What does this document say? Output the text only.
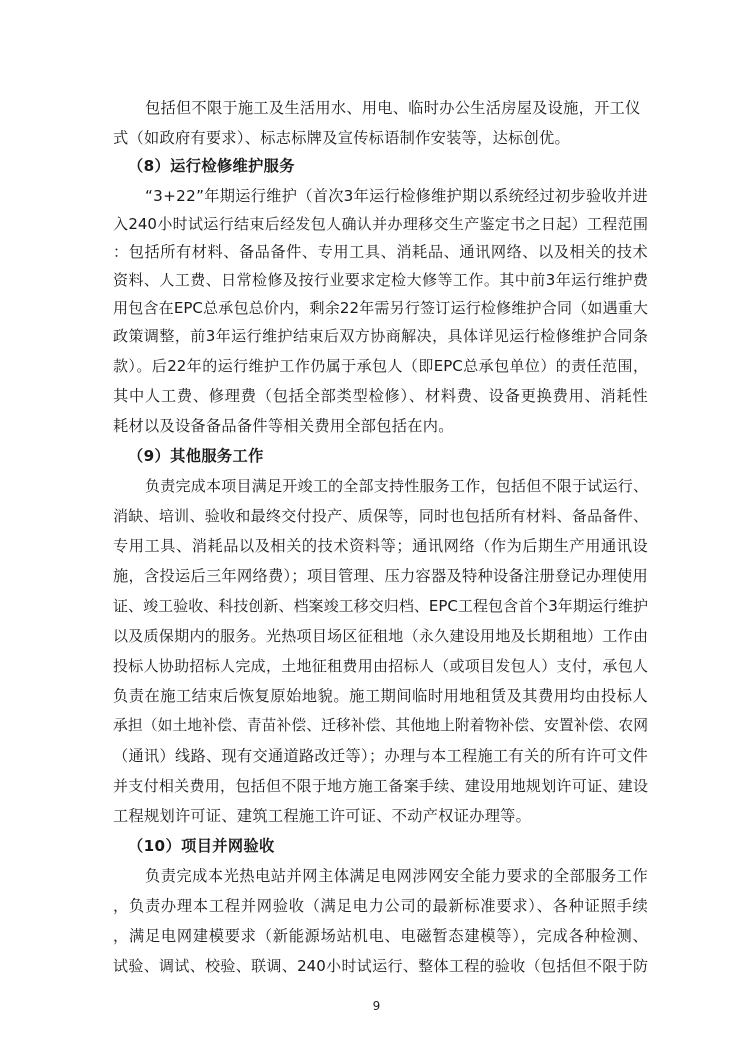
包括但不限于施工及生活用水、用电、临时办公生活房屋及设施，开工仪
式（如政府有要求）、标志标牌及宣传标语制作安装等，达标创优。
（8）运行检修维护服务
“3+22”年期运行维护（首次3年运行检修维护期以系统经过初步验收并进
入240小时试运行结束后经发包人确认并办理移交生产鉴定书之日起）工程范围
：包括所有材料、备品备件、专用工具、消耗品、通讯网络、以及相关的技术
资料、人工费、日常检修及按行业要求定检大修等工作。其中前3年运行维护费
用包含在EPC总承包总价内，剩余22年需另行签订运行检修维护合同（如遇重大
政策调整，前3年运行维护结束后双方协商解决，具体详见运行检修维护合同条
款）。后22年的运行维护工作仍属于承包人（即EPC总承包单位）的责任范围，
其中人工费、修理费（包括全部类型检修）、材料费、设备更换费用、消耗性
耗材以及设备备品备件等相关费用全部包括在内。
（9）其他服务工作
负责完成本项目满足开竣工的全部支持性服务工作，包括但不限于试运行、
消缺、培训、验收和最终交付投产、质保等，同时也包括所有材料、备品备件、
专用工具、消耗品以及相关的技术资料等；通讯网络（作为后期生产用通讯设
施，含投运后三年网络费）；项目管理、压力容器及特种设备注册登记办理使用
证、竣工验收、科技创新、档案竣工移交归档、EPC工程包含首个3年期运行维护
以及质保期内的服务。光热项目场区征租地（永久建设用地及长期租地）工作由
投标人协助招标人完成，土地征租费用由招标人（或项目发包人）支付，承包人
负责在施工结束后恢复原始地貌。施工期间临时用地租赁及其费用均由投标人
承担（如土地补偿、青苗补偿、迁移补偿、其他地上附着物补偿、安置补偿、农网
（通讯）线路、现有交通道路改迁等）；办理与本工程施工有关的所有许可文件
并支付相关费用，包括但不限于地方施工备案手续、建设用地规划许可证、建设
工程规划许可证、建筑工程施工许可证、不动产权证办理等。
（10）项目并网验收
负责完成本光热电站并网主体满足电网涉网安全能力要求的全部服务工作
，负责办理本工程并网验收（满足电力公司的最新标准要求）、各种证照手续
，满足电网建模要求（新能源场站机电、电磁暂态建模等），完成各种检测、
试验、调试、校验、联调、240小时试运行、整体工程的验收（包括但不限于防
9
